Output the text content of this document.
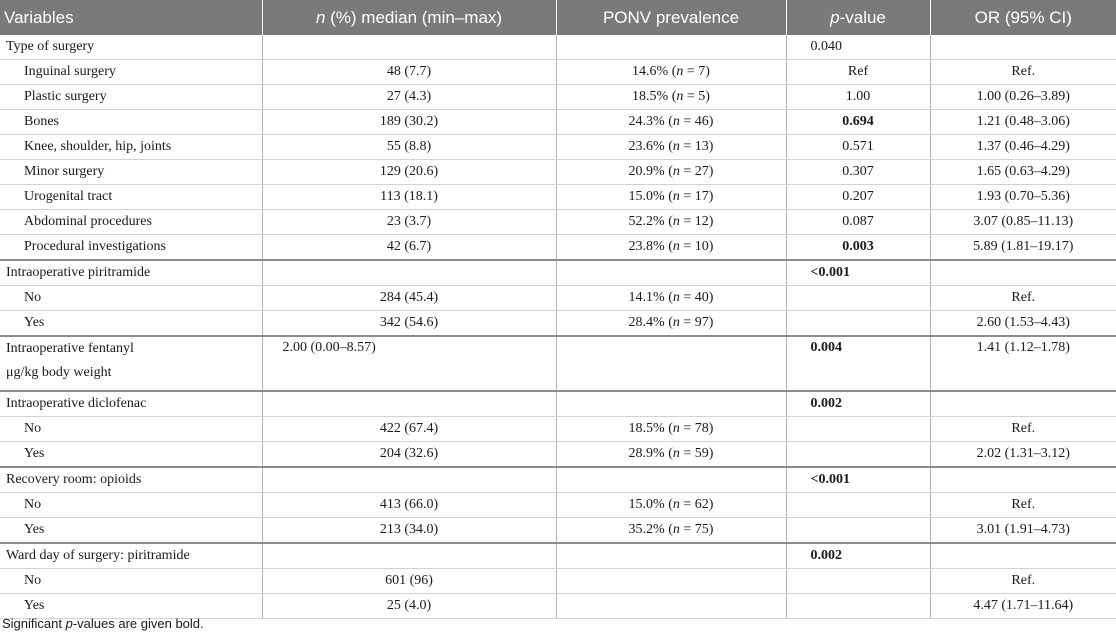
Variables	n (%) median (min–max)	PONV prevalence	p-value	OR (95% CI)
Type of surgery			0.040	
Inguinal surgery	48 (7.7)	14.6% (n = 7)	Ref	Ref.
Plastic surgery	27 (4.3)	18.5% (n = 5)	1.00	1.00 (0.26–3.89)
Bones	189 (30.2)	24.3% (n = 46)	0.694	1.21 (0.48–3.06)
Knee, shoulder, hip, joints	55 (8.8)	23.6% (n = 13)	0.571	1.37 (0.46–4.29)
Minor surgery	129 (20.6)	20.9% (n = 27)	0.307	1.65 (0.63–4.29)
Urogenital tract	113 (18.1)	15.0% (n = 17)	0.207	1.93 (0.70–5.36)
Abdominal procedures	23 (3.7)	52.2% (n = 12)	0.087	3.07 (0.85–11.13)
Procedural investigations	42 (6.7)	23.8% (n = 10)	0.003	5.89 (1.81–19.17)
Intraoperative piritramide			<0.001	
No	284 (45.4)	14.1% (n = 40)		Ref.
Yes	342 (54.6)	28.4% (n = 97)		2.60 (1.53–4.43)

Intraoperative fentanyl
μg/kg body weight	2.00 (0.00–8.57)		0.004	1.41 (1.12–1.78)
Intraoperative diclofenac			0.002	
No	422 (67.4)	18.5% (n = 78)		Ref.
Yes	204 (32.6)	28.9% (n = 59)		2.02 (1.31–3.12)
Recovery room: opioids			<0.001	
No	413 (66.0)	15.0% (n = 62)		Ref.
Yes	213 (34.0)	35.2% (n = 75)		3.01 (1.91–4.73)
Ward day of surgery: piritramide			0.002	
No	601 (96)			Ref.
Yes	25 (4.0)			4.47 (1.71–11.64)
Significant p-values are given bold.
